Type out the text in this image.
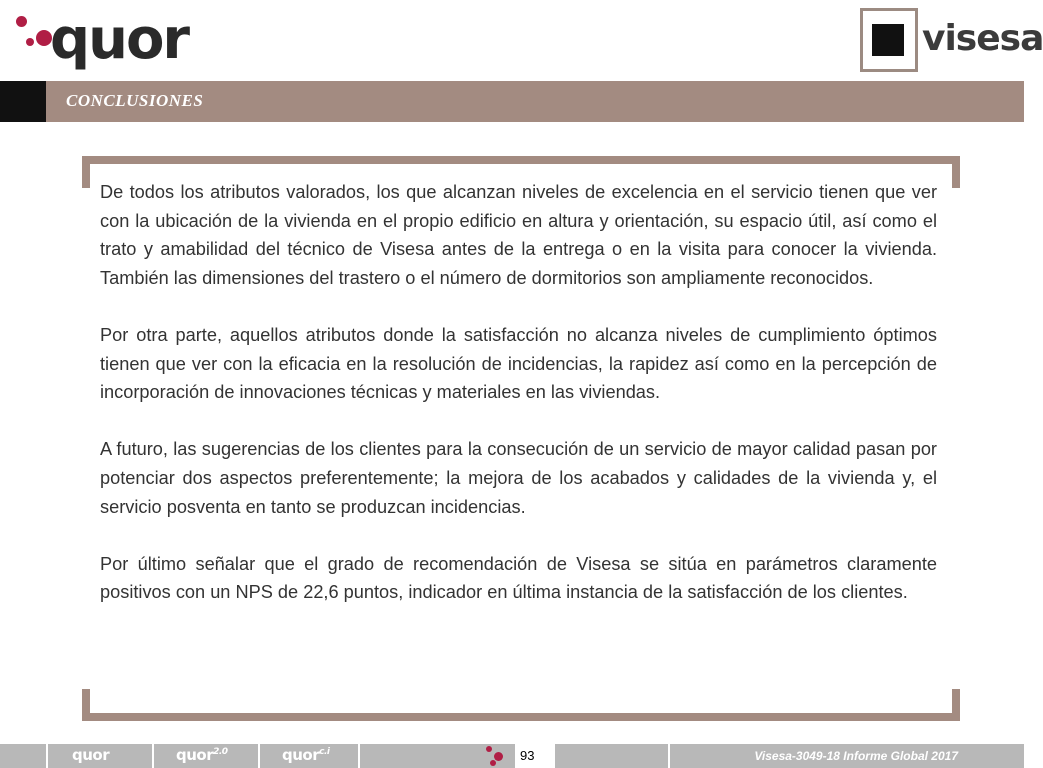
quor	visesa
CONCLUSIONES

De todos los atributos valorados, los que alcanzan niveles de excelencia en el servicio tienen que ver con la ubicación de la vivienda en el propio edificio en altura y orientación, su espacio útil, así como el trato y amabilidad del técnico de Visesa antes de la entrega o en la visita para conocer la vivienda. También las dimensiones del trastero o el número de dormitorios son ampliamente reconocidos.

Por otra parte, aquellos atributos donde la satisfacción no alcanza niveles de cumplimiento óptimos tienen que ver con la eficacia en la resolución de incidencias, la rapidez así como en la percepción de incorporación de innovaciones técnicas y materiales en las viviendas.

A futuro, las sugerencias de los clientes para la consecución de un servicio de mayor calidad pasan por potenciar dos aspectos preferentemente; la mejora de los acabados y calidades de la vivienda y, el servicio posventa en tanto se produzcan incidencias.

Por último señalar que el grado de recomendación de Visesa se sitúa en parámetros claramente positivos con un NPS de 22,6 puntos, indicador en última instancia de la satisfacción de los clientes.

quor	quor$^{2.0}$	quor$^{c.i}$	93	Visesa-3049-18 Informe Global 2017
